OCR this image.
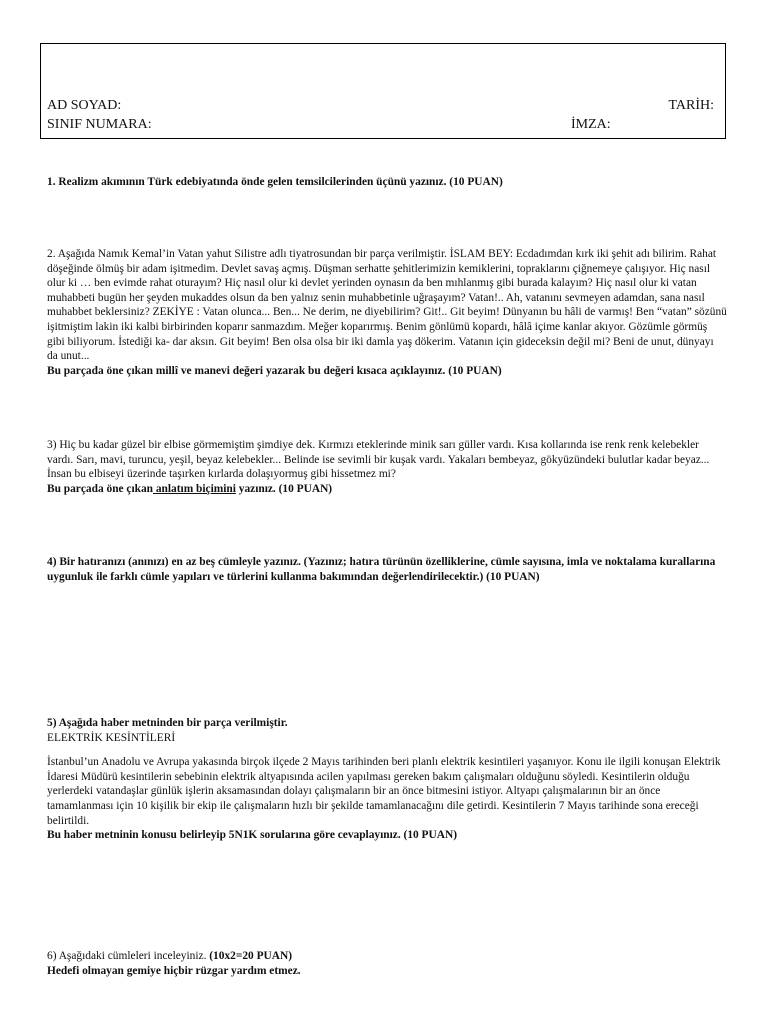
AD SOYAD:	TARİH:
SINIF NUMARA:	İMZA:

1. Realizm akımının Türk edebiyatında önde gelen temsilcilerinden üçünü yazınız. (10 PUAN)

2. Aşağıda Namık Kemal’in Vatan yahut Silistre adlı tiyatrosundan bir parça verilmiştir. İSLAM BEY: Ecdadımdan kırk iki şehit adı bilirim. Rahat döşeğinde ölmüş bir adam işitmedim. Devlet savaş açmış. Düşman serhatte şehitlerimizin kemiklerini, topraklarını çiğnemeye çalışıyor. Hiç nasıl olur ki … ben evimde rahat oturayım? Hiç nasıl olur ki devlet yerinden oynasın da ben mıhlanmış gibi burada kalayım? Hiç nasıl olur ki vatan muhabbeti bugün her şeyden mukaddes olsun da ben yalnız senin muhabbetinle uğraşayım? Vatan!.. Ah, vatanını sevmeyen adamdan, sana nasıl muhabbet beklersiniz? ZEKİYE : Vatan olunca... Ben... Ne derim, ne diyebilirim? Git!.. Git beyim! Dünyanın bu hâli de varmış! Ben “vatan” sözünü işitmiştim lakin iki kalbi birbirinden koparır sanmazdım. Meğer koparırmış. Benim gönlümü kopardı, hâlâ içime kanlar akıyor. Gözümle görmüş gibi biliyorum. İstediği ka- dar aksın. Git beyim! Ben olsa olsa bir iki damla yaş dökerim. Vatanın için gideceksin değil mi? Beni de unut, dünyayı da unut...

Bu parçada öne çıkan millî ve manevi değeri yazarak bu değeri kısaca açıklayınız. (10 PUAN)

3) Hiç bu kadar güzel bir elbise görmemiştim şimdiye dek. Kırmızı eteklerinde minik sarı güller vardı. Kısa kollarında ise renk renk kelebekler vardı. Sarı, mavi, turuncu, yeşil, beyaz kelebekler... Belinde ise sevimli bir kuşak vardı. Yakaları bembeyaz, gökyüzündeki bulutlar kadar beyaz... İnsan bu elbiseyi üzerinde taşırken kırlarda dolaşıyormuş gibi hissetmez mi?

Bu parçada öne çıkan anlatım biçimini yazınız. (10 PUAN)

4) Bir hatıranızı (anınızı) en az beş cümleyle yazınız. (Yazınız; hatıra türünün özelliklerine, cümle sayısına, imla ve noktalama kurallarına uygunluk ile farklı cümle yapıları ve türlerini kullanma bakımından değerlendirilecektir.) (10 PUAN)

5) Aşağıda haber metninden bir parça verilmiştir.

ELEKTRİK KESİNTİLERİ

İstanbul’un Anadolu ve Avrupa yakasında birçok ilçede 2 Mayıs tarihinden beri planlı elektrik kesintileri yaşanıyor. Konu ile ilgili konuşan Elektrik İdaresi Müdürü kesintilerin sebebinin elektrik altyapısında acilen yapılması gereken bakım çalışmaları olduğunu söyledi. Kesintilerin olduğu yerlerdeki vatandaşlar günlük işlerin aksamasından dolayı çalışmaların bir an önce bitmesini istiyor. Altyapı çalışmalarının bir an önce tamamlanması için 10 kişilik bir ekip ile çalışmaların hızlı bir şekilde tamamlanacağını dile getirdi. Kesintilerin 7 Mayıs tarihinde sona ereceği belirtildi.

Bu haber metninin konusu belirleyip 5N1K sorularına göre cevaplayınız. (10 PUAN)

6) Aşağıdaki cümleleri inceleyiniz. (10x2=20 PUAN)

Hedefi olmayan gemiye hiçbir rüzgar yardım etmez.
